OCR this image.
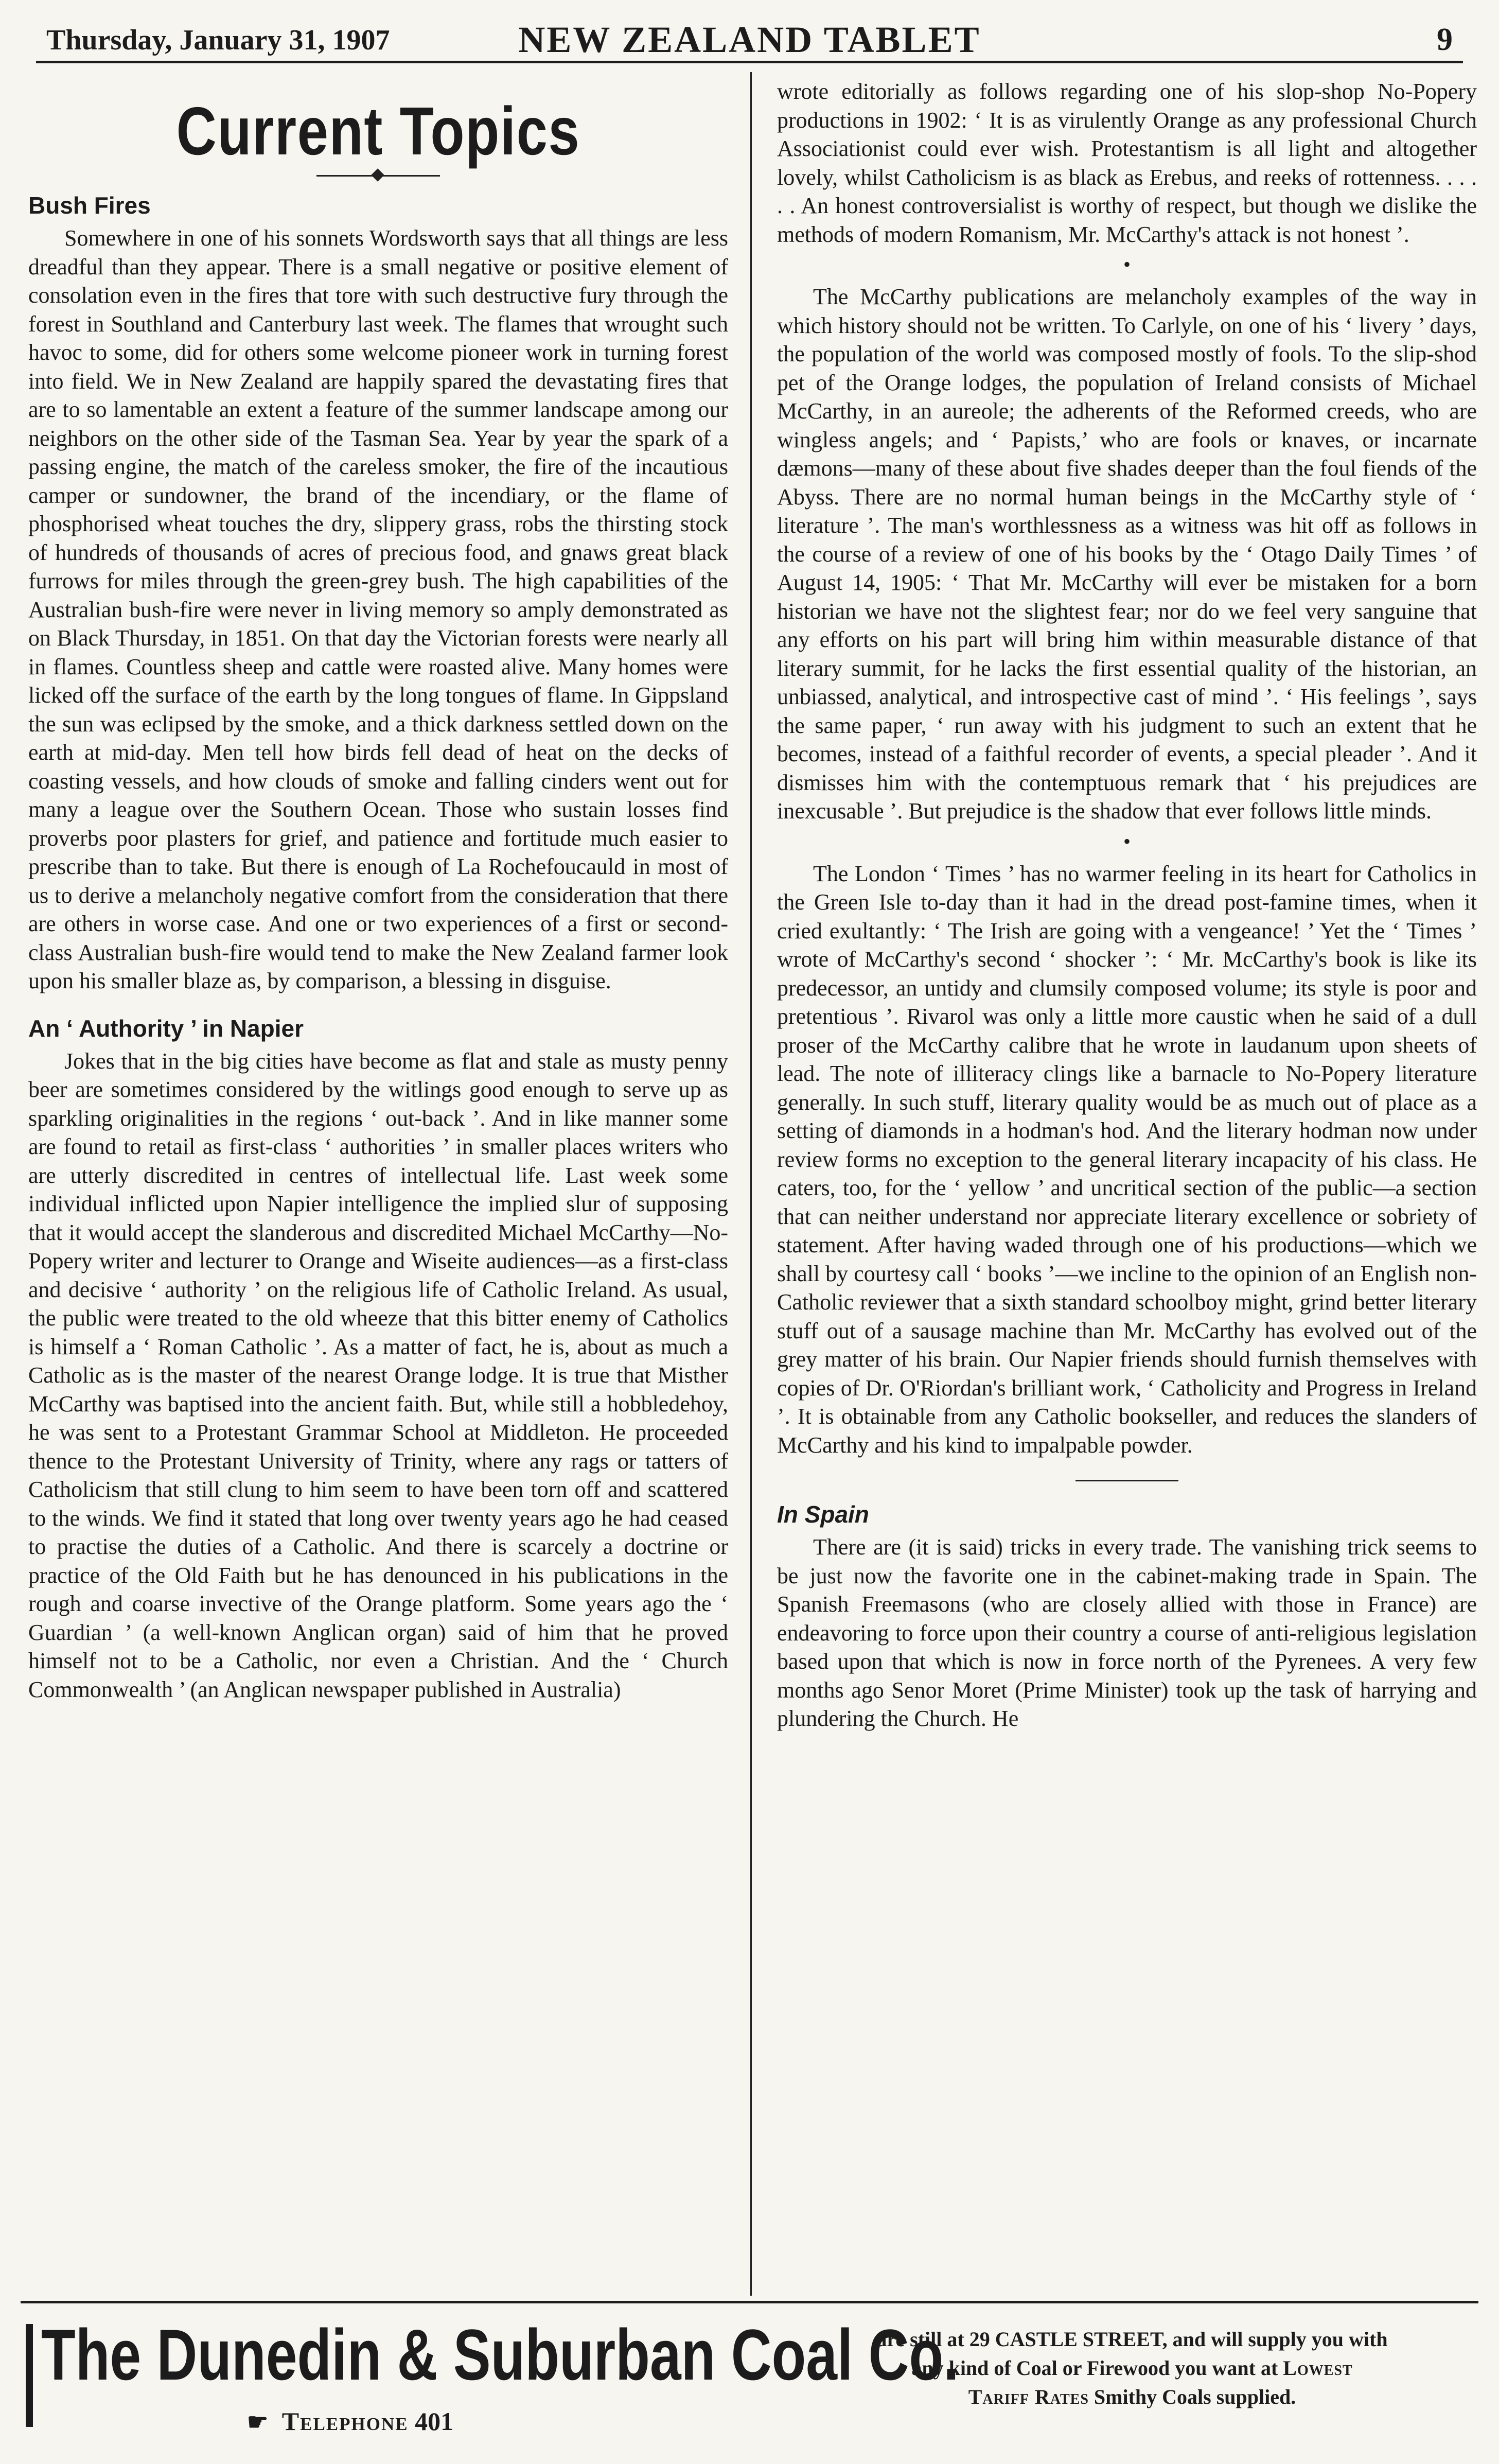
Thursday, January 31, 1907	NEW ZEALAND TABLET	9
Current Topics
Bush Fires

Somewhere in one of his sonnets Wordsworth says that all things are less dreadful than they appear. There is a small negative or positive element of consolation even in the fires that tore with such destructive fury through the forest in Southland and Canterbury last week. The flames that wrought such havoc to some, did for others some welcome pioneer work in turning forest into field. We in New Zealand are happily spared the devastating fires that are to so lamentable an extent a feature of the summer landscape among our neighbors on the other side of the Tasman Sea. Year by year the spark of a passing engine, the match of the careless smoker, the fire of the incautious camper or sundowner, the brand of the incendiary, or the flame of phosphorised wheat touches the dry, slippery grass, robs the thirsting stock of hundreds of thousands of acres of precious food, and gnaws great black furrows for miles through the green-grey bush. The high capabilities of the Australian bush-fire were never in living memory so amply demonstrated as on Black Thursday, in 1851. On that day the Victorian forests were nearly all in flames. Countless sheep and cattle were roasted alive. Many homes were licked off the surface of the earth by the long tongues of flame. In Gippsland the sun was eclipsed by the smoke, and a thick darkness settled down on the earth at mid-day. Men tell how birds fell dead of heat on the decks of coasting vessels, and how clouds of smoke and falling cinders went out for many a league over the Southern Ocean. Those who sustain losses find proverbs poor plasters for grief, and patience and fortitude much easier to prescribe than to take. But there is enough of La Rochefoucauld in most of us to derive a melancholy negative comfort from the consideration that there are others in worse case. And one or two experiences of a first or second-class Australian bush-fire would tend to make the New Zealand farmer look upon his smaller blaze as, by comparison, a blessing in disguise.

An ‘ Authority ’ in Napier

Jokes that in the big cities have become as flat and stale as musty penny beer are sometimes considered by the witlings good enough to serve up as sparkling originalities in the regions ‘ out-back ’. And in like manner some are found to retail as first-class ‘ authorities ’ in smaller places writers who are utterly discredited in centres of intellectual life. Last week some individual inflicted upon Napier intelligence the implied slur of supposing that it would accept the slanderous and discredited Michael McCarthy—No-Popery writer and lecturer to Orange and Wiseite audiences—as a first-class and decisive ‘ authority ’ on the religious life of Catholic Ireland. As usual, the public were treated to the old wheeze that this bitter enemy of Catholics is himself a ‘ Roman Catholic ’. As a matter of fact, he is, about as much a Catholic as is the master of the nearest Orange lodge. It is true that Misther McCarthy was baptised into the ancient faith. But, while still a hobbledehoy, he was sent to a Protestant Grammar School at Middleton. He proceeded thence to the Protestant University of Trinity, where any rags or tatters of Catholicism that still clung to him seem to have been torn off and scattered to the winds. We find it stated that long over twenty years ago he had ceased to practise the duties of a Catholic. And there is scarcely a doctrine or practice of the Old Faith but he has denounced in his publications in the rough and coarse invective of the Orange platform. Some years ago the ‘ Guardian ’ (a well-known Anglican organ) said of him that he proved himself not to be a Catholic, nor even a Christian. And the ‘ Church Commonwealth ’ (an Anglican newspaper published in Australia)

wrote editorially as follows regarding one of his slop-shop No-Popery productions in 1902: ‘ It is as virulently Orange as any professional Church Associationist could ever wish. Protestantism is all light and altogether lovely, whilst Catholicism is as black as Erebus, and reeks of rottenness. . . . . . An honest controversialist is worthy of respect, but though we dislike the methods of modern Romanism, Mr. McCarthy's attack is not honest ’.

•

The McCarthy publications are melancholy examples of the way in which history should not be written. To Carlyle, on one of his ‘ livery ’ days, the population of the world was composed mostly of fools. To the slip-shod pet of the Orange lodges, the population of Ireland consists of Michael McCarthy, in an aureole; the adherents of the Reformed creeds, who are wingless angels; and ‘ Papists,’ who are fools or knaves, or incarnate dæmons—many of these about five shades deeper than the foul fiends of the Abyss. There are no normal human beings in the McCarthy style of ‘ literature ’. The man's worthlessness as a witness was hit off as follows in the course of a review of one of his books by the ‘ Otago Daily Times ’ of August 14, 1905: ‘ That Mr. McCarthy will ever be mistaken for a born historian we have not the slightest fear; nor do we feel very sanguine that any efforts on his part will bring him within measurable distance of that literary summit, for he lacks the first essential quality of the historian, an unbiassed, analytical, and introspective cast of mind ’. ‘ His feelings ’, says the same paper, ‘ run away with his judgment to such an extent that he becomes, instead of a faithful recorder of events, a special pleader ’. And it dismisses him with the contemptuous remark that ‘ his prejudices are inexcusable ’. But prejudice is the shadow that ever follows little minds.

•

The London ‘ Times ’ has no warmer feeling in its heart for Catholics in the Green Isle to-day than it had in the dread post-famine times, when it cried exultantly: ‘ The Irish are going with a vengeance! ’ Yet the ‘ Times ’ wrote of McCarthy's second ‘ shocker ’: ‘ Mr. McCarthy's book is like its predecessor, an untidy and clumsily composed volume; its style is poor and pretentious ’. Rivarol was only a little more caustic when he said of a dull proser of the McCarthy calibre that he wrote in laudanum upon sheets of lead. The note of illiteracy clings like a barnacle to No-Popery literature generally. In such stuff, literary quality would be as much out of place as a setting of diamonds in a hodman's hod. And the literary hodman now under review forms no exception to the general literary incapacity of his class. He caters, too, for the ‘ yellow ’ and uncritical section of the public—a section that can neither understand nor appreciate literary excellence or sobriety of statement. After having waded through one of his productions—which we shall by courtesy call ‘ books ’—we incline to the opinion of an English non-Catholic reviewer that a sixth standard schoolboy might, grind better literary stuff out of a sausage machine than Mr. McCarthy has evolved out of the grey matter of his brain. Our Napier friends should furnish themselves with copies of Dr. O'Riordan's brilliant work, ‘ Catholicity and Progress in Ireland ’. It is obtainable from any Catholic bookseller, and reduces the slanders of McCarthy and his kind to impalpable powder.

In Spain

There are (it is said) tricks in every trade. The vanishing trick seems to be just now the favorite one in the cabinet-making trade in Spain. The Spanish Freemasons (who are closely allied with those in France) are endeavoring to force upon their country a course of anti-religious legislation based upon that which is now in force north of the Pyrenees. A very few months ago Senor Moret (Prime Minister) took up the task of harrying and plundering the Church. He

The Dunedin & Suburban Coal Co.
☛ Telephone 401
are still at 29 CASTLE STREET, and will supply you with
any kind of Coal or Firewood you want at Lowest
Tariff Rates Smithy Coals supplied.
